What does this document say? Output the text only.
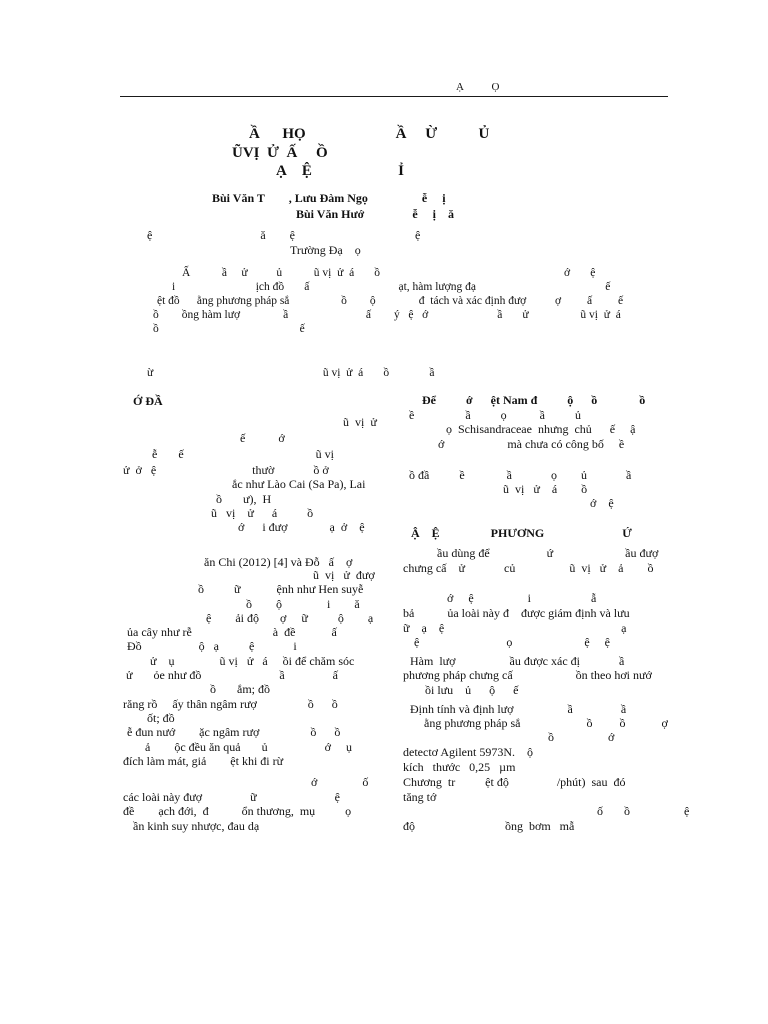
Ạ          Ọ
Ầ      HỌ                        Ầ     Ừ           Ủ
ŨVỊ  Ử  Ấ     Ồ
Ạ    Ệ                       Ỉ
Bùi Văn T        , Lưu Đàm Ngọ                  ễ     ị
Bùi Văn Hướ                ễ     ị    ă
ệ                                    ă        ệ                                        ệ
Trường Đạ    ọ
Ấ           ầ     ử          ủ           ũ vị  ử  á       ồ                                                                ớ       ệ
i                            ịch đồ       ấ                               ạt, hàm lượng đạ                                             ế
ệt đồ      ằng phương pháp sắ                  ồ        ộ               đ  tách và xác định đượ          ợ         ấ         ế
ồ        ồng hàm lượ               ầ                           ấ        ý   ệ   ớ                        ầ       ử                  ũ vị  ử  á
ồ                                                 ế
ừ                                                           ũ vị  ử  á       ồ              ầ
Ớ ĐẦ
ũ  vị  ử
ế           ớ
ễ       ế                                            ũ vị
ử  ở   ệ                                thườ             ồ ở
ắc như Lào Cai (Sa Pa), Lai
ồ       ư),  H
ũ   vị    ử      á          ồ
ớ      i đượ              ạ  ở    ệ
ăn Chi (2012) [4] và Đỗ   ấ    ợ
ũ  vị   ử  đượ
ồ          ữ            ệnh như Hen suyễ
ồ        ộ               i        ă
ệ        ải độ       ợ     ữ          ộ        ạ
ủa cây như rễ                           à  đề            ấ
Đồ                   ộ   ạ          ệ             i
ử    ụ               ũ vị   ử   á     ồi để chăm sóc
ử       ỏe như đồ                          ầ                ấ
ồ       ắm; đồ
răng rồ     ấy thân ngâm rượ                 ồ      ồ
ốt; đồ
ễ đun nướ        ặc ngâm rượ                 ồ      ồ
ả        ộc đều ăn quả       ủ                   ớ     ụ
đích làm mát, giả        ệt khi đi rừ
ớ               ố
các loài này đượ                ữ                          ệ
đề        ạch đới,  đ           ổn thương,  mụ          ọ
ần kinh suy nhược, đau dạ
Để          ớ      ệt Nam đ          ộ      ồ              ồ
ề                 ầ          ọ           ầ          ủ
ọ  Schisandraceae  nhưng  chủ      ế     ậ
ớ                     mà chưa có công bố     ề
ồ đầ          ề              ầ             ọ        ủ             ầ
ũ  vị   ử    á        ồ
ớ    ệ
Ậ    Ệ                 PHƯƠNG                          Ứ
ầu dùng để                   ứ                        ầu đượ
chưng cấ    ử             củ                  ũ  vị   ử    ả        ồ
ớ     ệ                  i                    ẫ
bả           ủa loài này đ    được giám định và lưu
ữ    ạ    ệ                                                           ạ
ệ                             ọ                        ệ     ệ
Hàm  lượ                  ầu được xác đị             ầ
phương pháp chưng cấ                     ồn theo hơi nướ
ồi lưu    ủ      ộ      ế
Định tính và định lượ                  ầ                ầ
ằng phương pháp sắ                      ồ         ồ            ợ
ồ                  ớ
detectơ Agilent 5973N.    ộ
kích   thước   0,25   µm
Chương  tr          ệt độ                /phút)  sau  đó
tăng tớ
ố       ồ                  ệ
độ                              ồng  bơm   mẫ
